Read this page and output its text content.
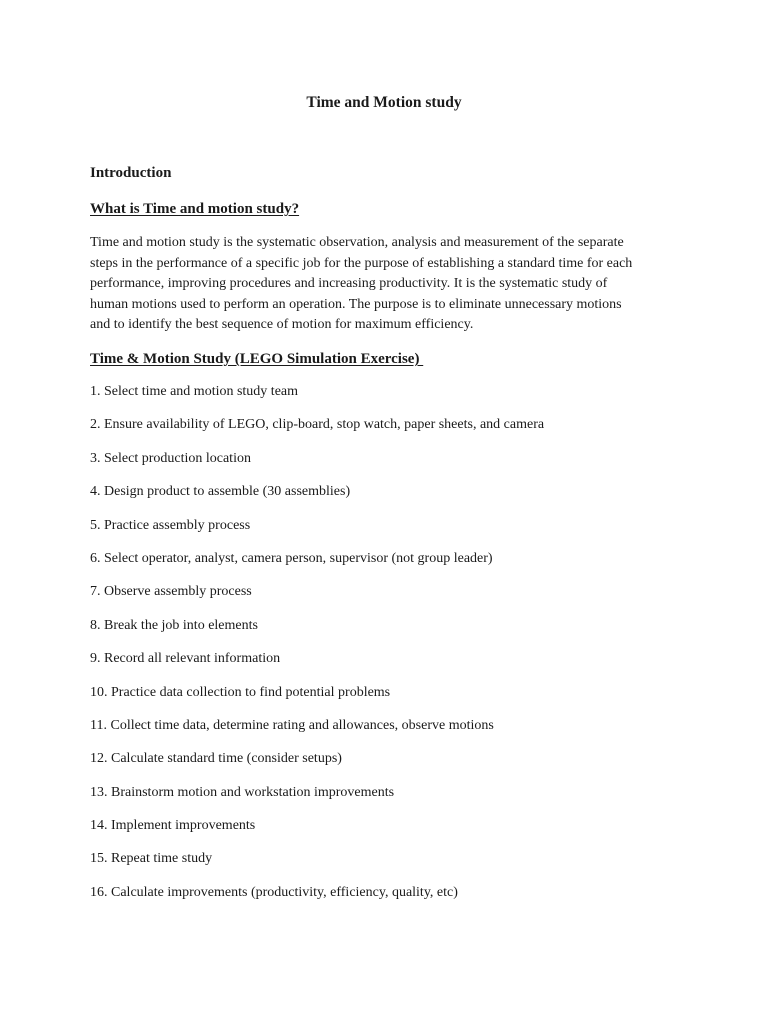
Time and Motion study
Introduction
What is Time and motion study?
Time and motion study is the systematic observation, analysis and measurement of the separate
steps in the performance of a specific job for the purpose of establishing a standard time for each
performance, improving procedures and increasing productivity. It is the systematic study of
human motions used to perform an operation. The purpose is to eliminate unnecessary motions
and to identify the best sequence of motion for maximum efficiency.
Time & Motion Study (LEGO Simulation Exercise)
1. Select time and motion study team
2. Ensure availability of LEGO, clip-board, stop watch, paper sheets, and camera
3. Select production location
4. Design product to assemble (30 assemblies)
5. Practice assembly process
6. Select operator, analyst, camera person, supervisor (not group leader)
7. Observe assembly process
8. Break the job into elements
9. Record all relevant information
10. Practice data collection to find potential problems
11. Collect time data, determine rating and allowances, observe motions
12. Calculate standard time (consider setups)
13. Brainstorm motion and workstation improvements
14. Implement improvements
15. Repeat time study
16. Calculate improvements (productivity, efficiency, quality, etc)
